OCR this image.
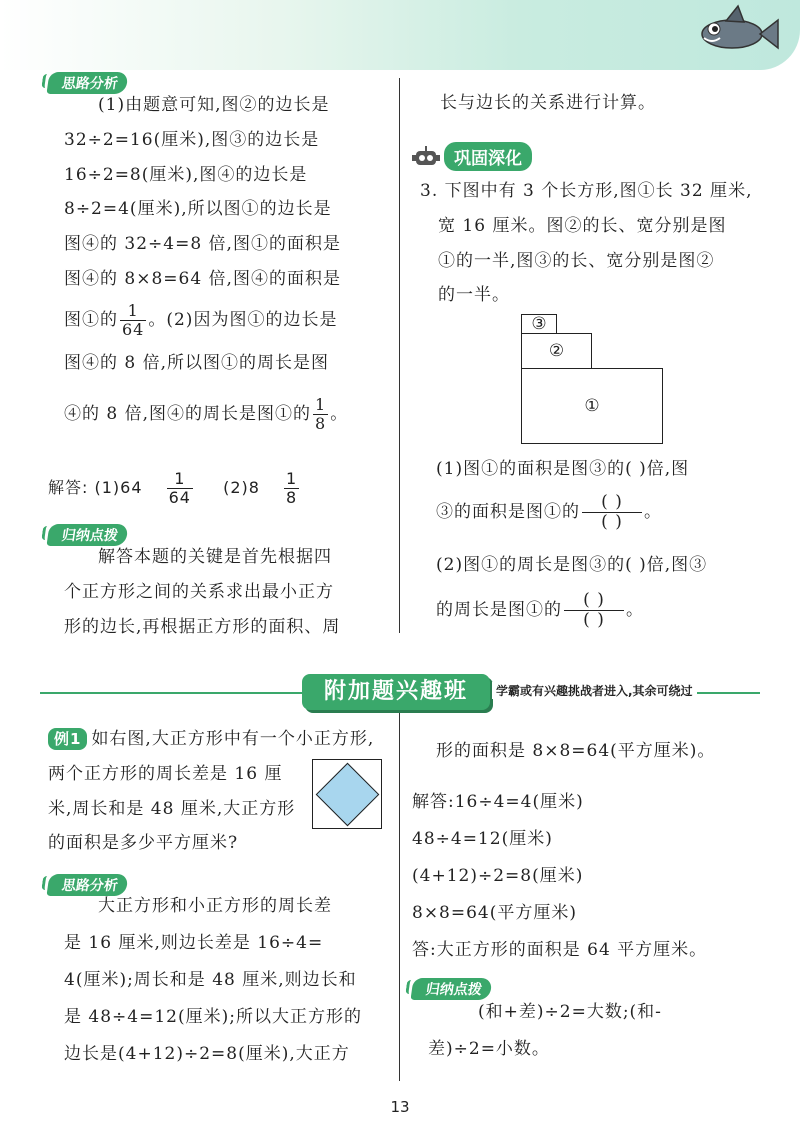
思路分析
(1)由题意可知,图②的边长是
32÷2=16(厘米),图③的边长是
16÷2=8(厘米),图④的边长是
8÷2=4(厘米),所以图①的边长是
图④的 32÷4=8 倍,图①的面积是
图④的 8×8=64 倍,图④的面积是
图①的 $\frac{1}{64}$ 。(2)因为图①的边长是
图④的 8 倍,所以图①的周长是图
④的 8 倍,图④的周长是图①的 $\frac{1}{8}$ 。
解答: $(1)64 \frac{1}{64} (2)8 \frac{1}{8}$
归纳点拨
解答本题的关键是首先根据四
个正方形之间的关系求出最小正方
形的边长,再根据正方形的面积、周
长与边长的关系进行计算。
巩固深化
3. 下图中有 3 个长方形,图①长 32 厘米,
宽 16 厘米。图②的长、宽分别是图
①的一半,图③的长、宽分别是图②
的一半。
③
②
①
(1)图①的面积是图③的( )倍,图
③的面积是图①的 $\frac{( )}{( )}$ 。
(2)图①的周长是图③的( )倍,图③
的周长是图①的 $\frac{( )}{( )}$ 。
附加题兴趣班	学霸或有兴趣挑战者进入,其余可绕过
例1 如右图,大正方形中有一个小正方形,
两个正方形的周长差是 16 厘
米,周长和是 48 厘米,大正方形
的面积是多少平方厘米?
思路分析
大正方形和小正方形的周长差
是 16 厘米,则边长差是 16÷4=
4(厘米);周长和是 48 厘米,则边长和
是 48÷4=12(厘米);所以大正方形的
边长是(4+12)÷2=8(厘米),大正方
形的面积是 8×8=64(平方厘米)。
解答:16÷4=4(厘米)
48÷4=12(厘米)
(4+12)÷2=8(厘米)
8×8=64(平方厘米)
答:大正方形的面积是 64 平方厘米。
归纳点拨
(和+差)÷2=大数;(和-
差)÷2=小数。
13
